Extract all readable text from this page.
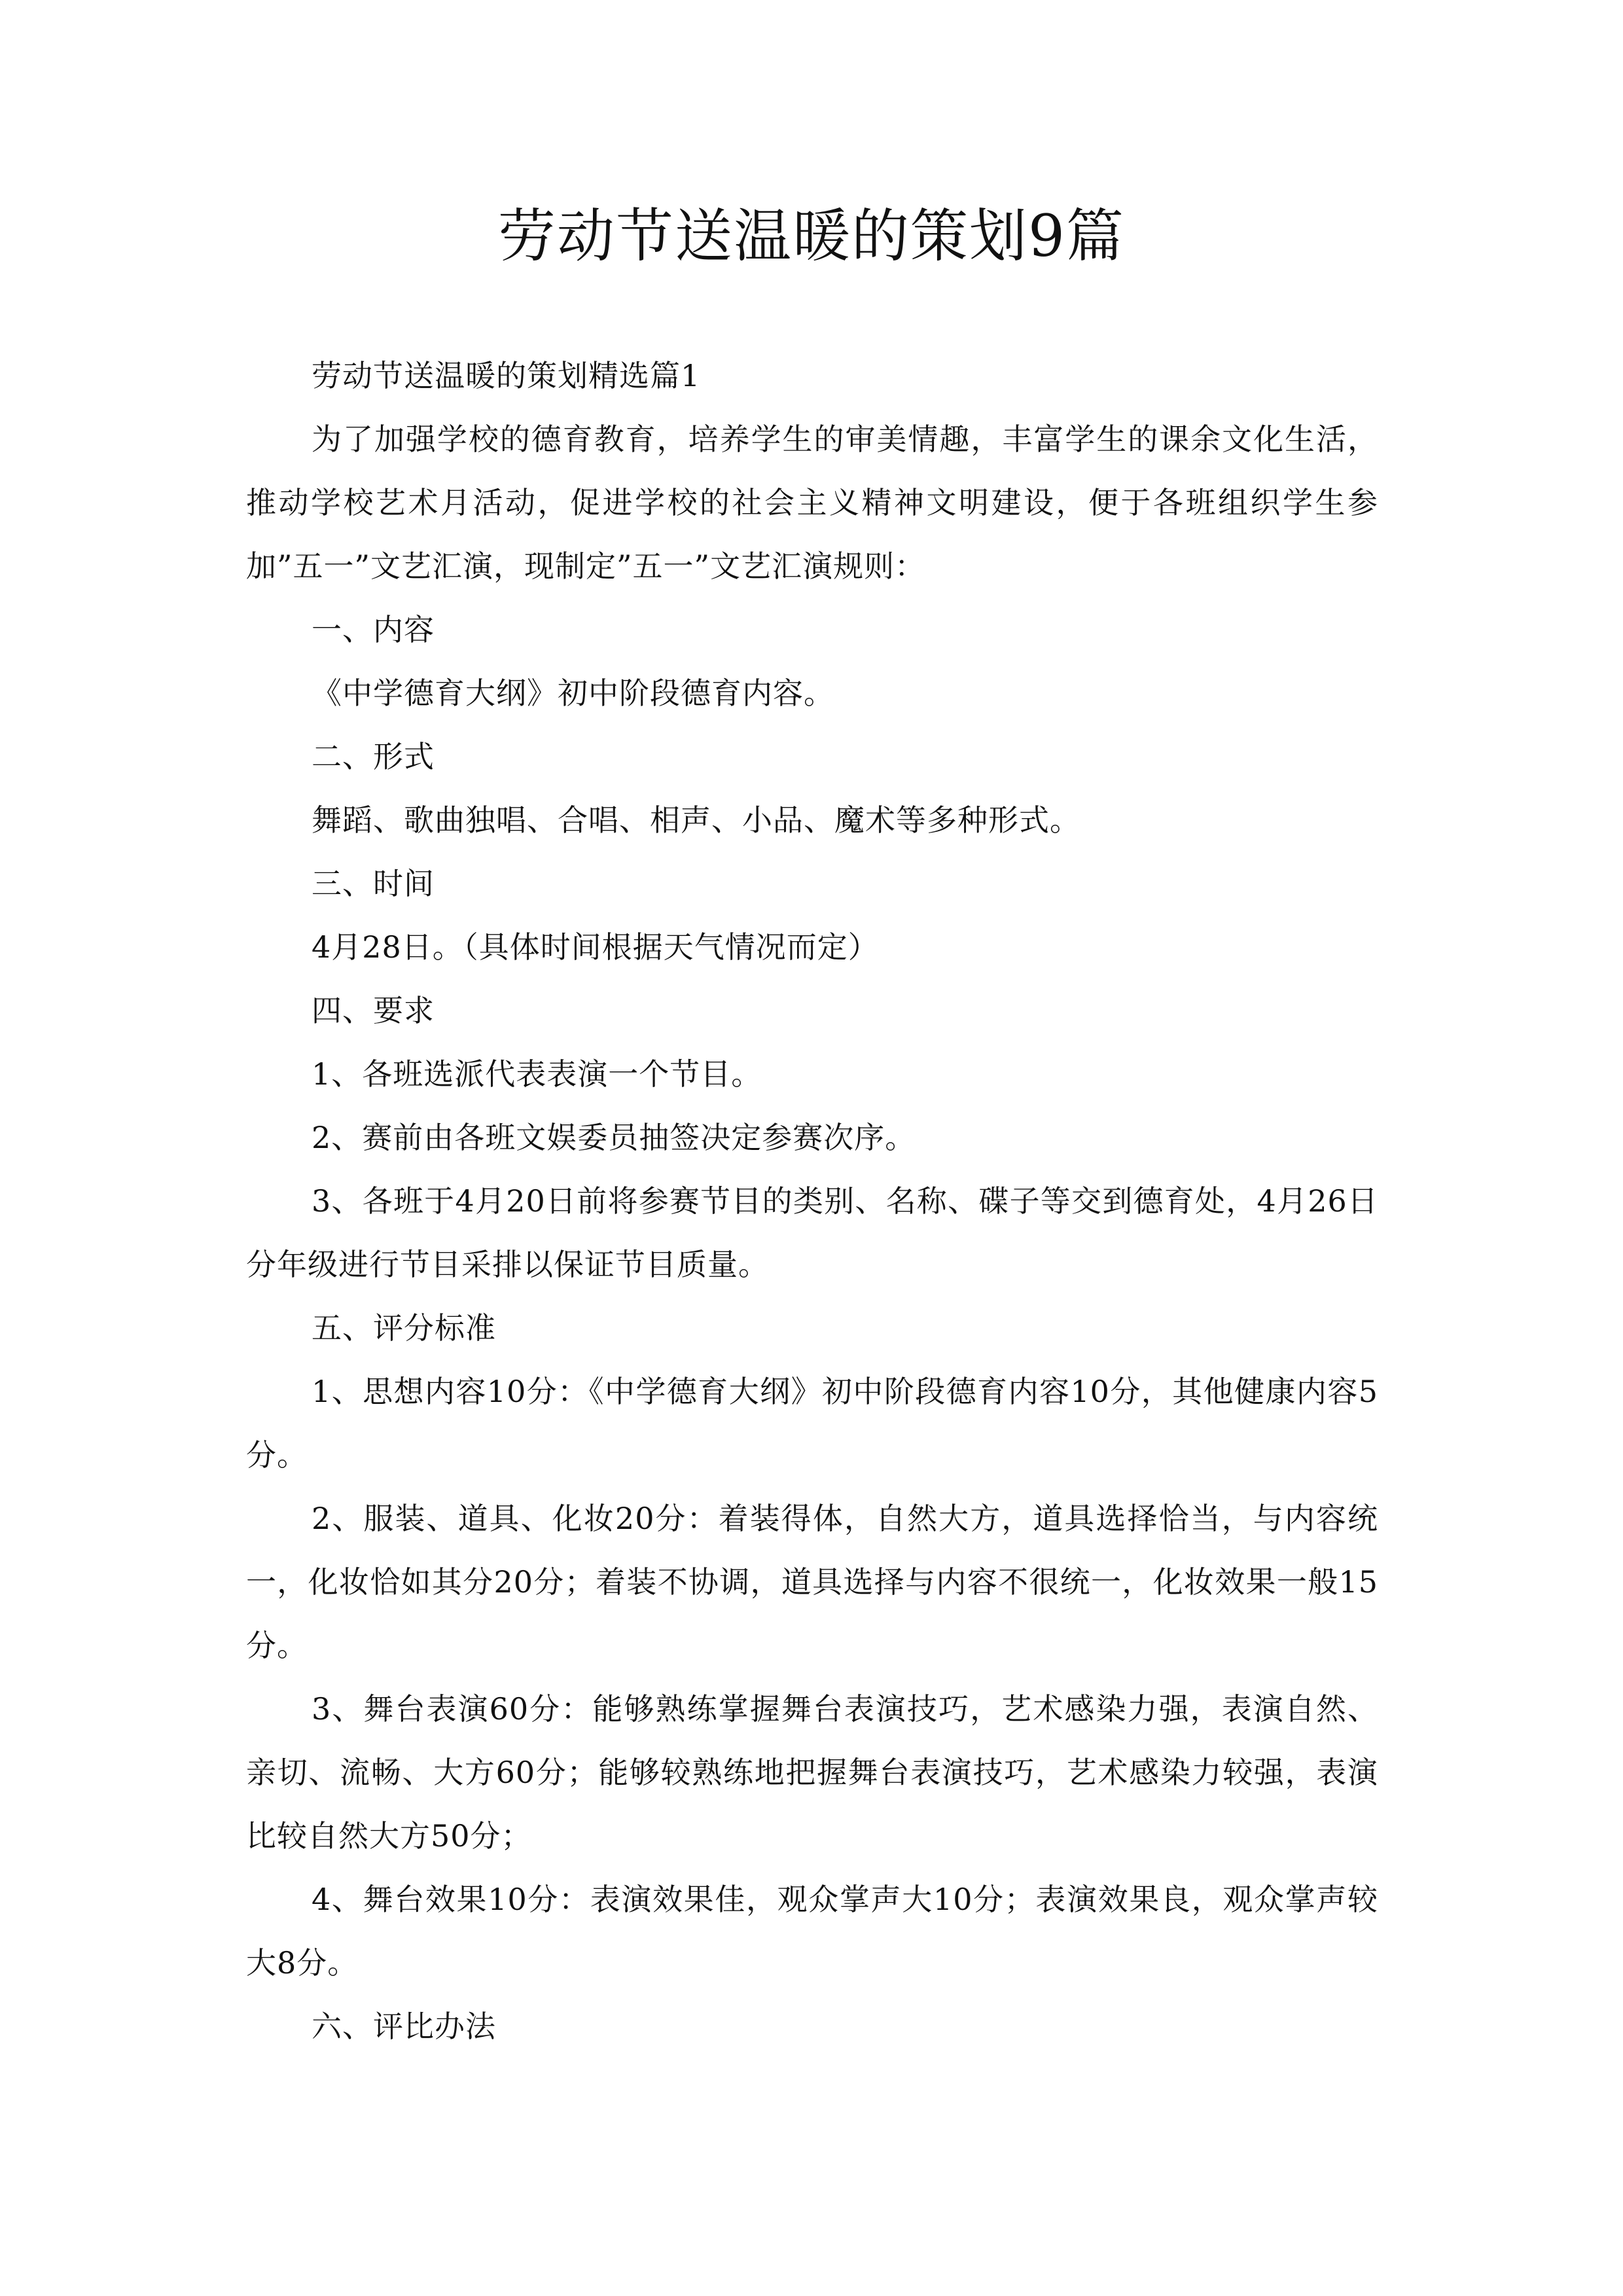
劳动节送温暖的策划9篇

劳动节送温暖的策划精选篇1

为了加强学校的德育教育，培养学生的审美情趣，丰富学生的课余文化生活，推动学校艺术月活动，促进学校的社会主义精神文明建设，便于各班组织学生参加”五一”文艺汇演，现制定”五一”文艺汇演规则：

一、内容

《中学德育大纲》初中阶段德育内容。

二、形式

舞蹈、歌曲独唱、合唱、相声、小品、魔术等多种形式。

三、时间

4月28日。（具体时间根据天气情况而定）

四、要求

1、各班选派代表表演一个节目。

2、赛前由各班文娱委员抽签决定参赛次序。

3、各班于4月20日前将参赛节目的类别、名称、碟子等交到德育处，4月26日分年级进行节目采排以保证节目质量。

五、评分标准

1、思想内容10分：《中学德育大纲》初中阶段德育内容10分，其他健康内容5分。

2、服装、道具、化妆20分：着装得体，自然大方，道具选择恰当，与内容统一，化妆恰如其分20分；着装不协调，道具选择与内容不很统一，化妆效果一般15分。

3、舞台表演60分：能够熟练掌握舞台表演技巧，艺术感染力强，表演自然、亲切、流畅、大方60分；能够较熟练地把握舞台表演技巧，艺术感染力较强，表演比较自然大方50分；

4、舞台效果10分：表演效果佳，观众掌声大10分；表演效果良，观众掌声较大8分。

六、评比办法
